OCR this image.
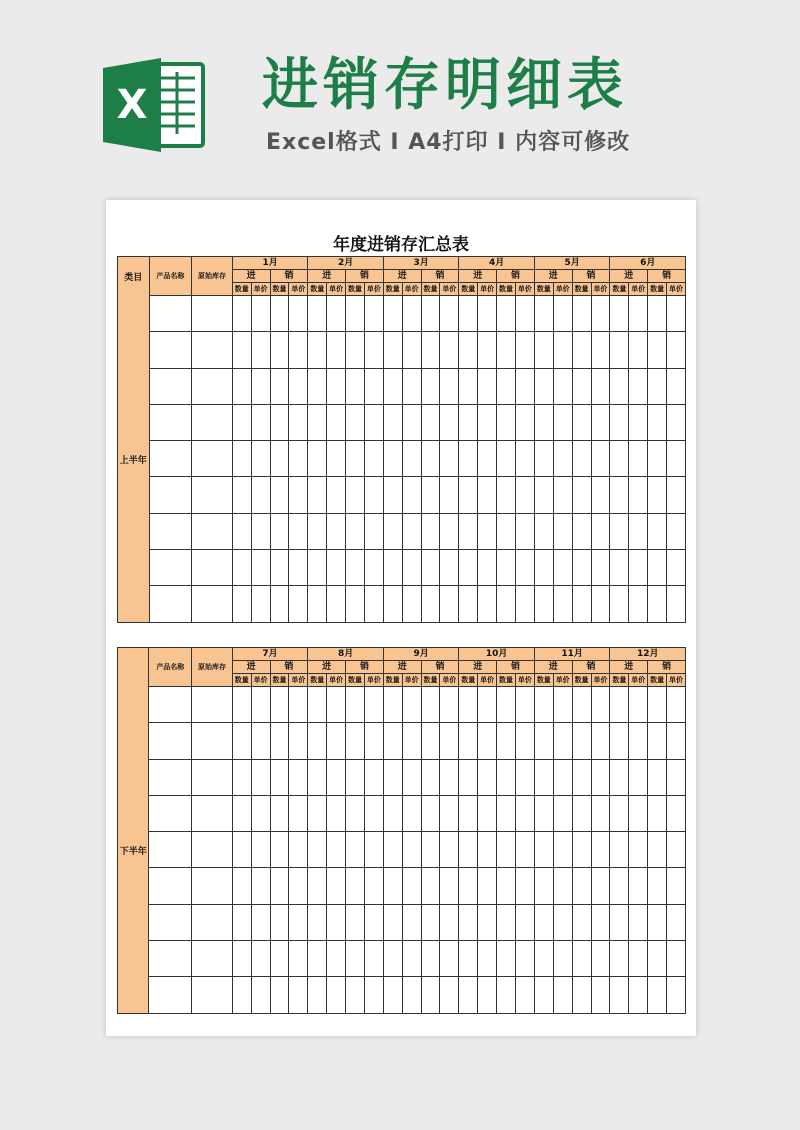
X 进销存明细表
Excel格式 I A4打印 I 内容可修改
年度进销存汇总表
类目
上半年	产品名称	原始库存	1月				2月				3月				4月				5月				6月			
			进		销		进		销		进		销		进		销		进		销		进		销	
			数量	单价	数量	单价	数量	单价	数量	单价	数量	单价	数量	单价	数量	单价	数量	单价	数量	单价	数量	单价	数量	单价	数量	单价

下半年	产品名称	原始库存	7月				8月				9月				10月				11月				12月			
			进		销		进		销		进		销		进		销		进		销		进		销	
			数量	单价	数量	单价	数量	单价	数量	单价	数量	单价	数量	单价	数量	单价	数量	单价	数量	单价	数量	单价	数量	单价	数量	单价

​
